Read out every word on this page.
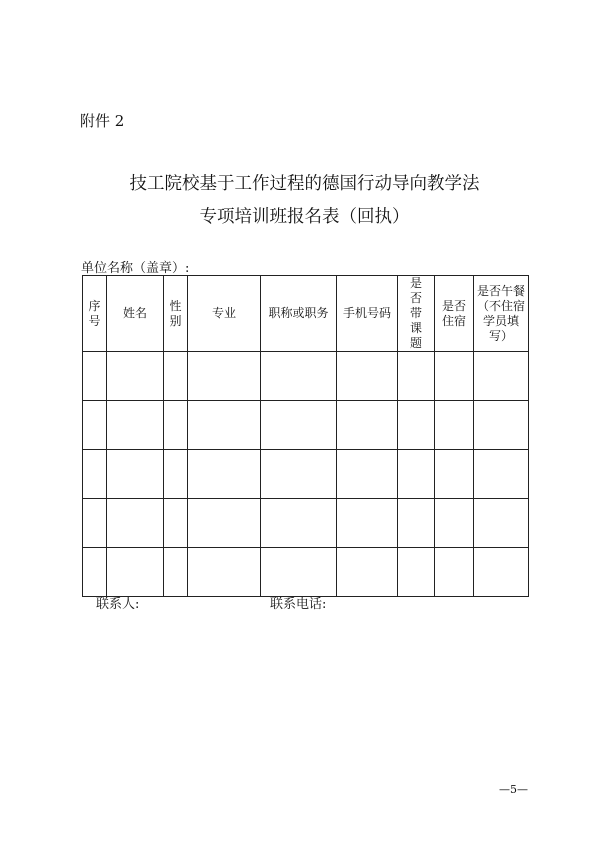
附件 2
技工院校基于工作过程的德国行动导向教学法
专项培训班报名表（回执）
单位名称（盖章）:
序号	姓名	性别	专业	职称或职务	手机号码	是否带课题	是否住宿	是否午餐（不住宿学员填写）

联系人:	联系电话:
—5—
